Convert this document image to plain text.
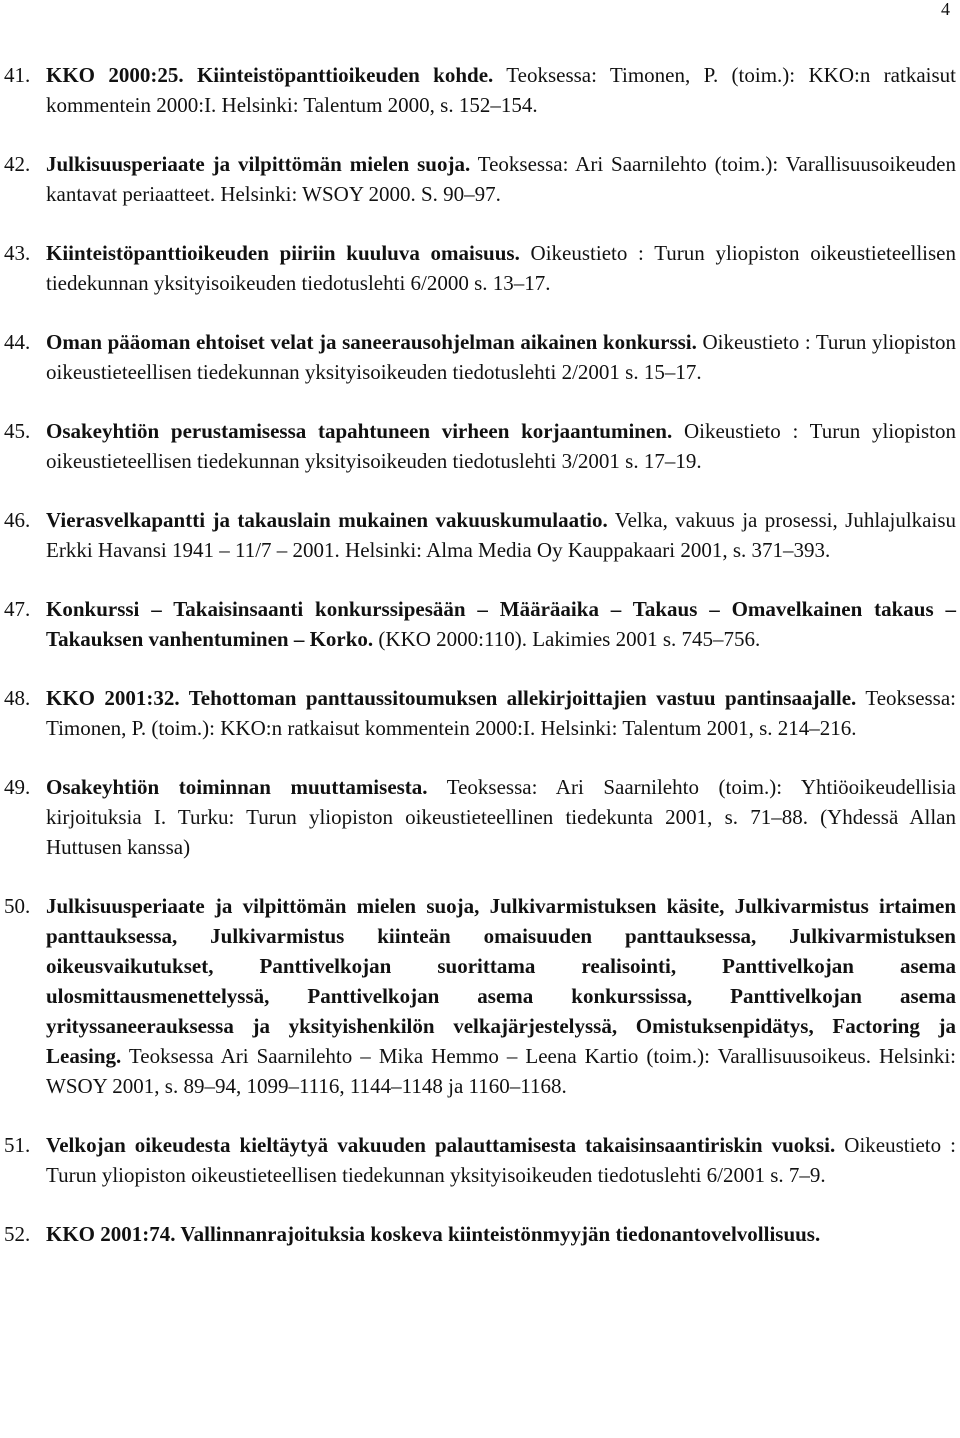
4
41. KKO 2000:25. Kiinteistöpanttioikeuden kohde. Teoksessa: Timonen, P. (toim.): KKO:n ratkaisut kommentein 2000:I. Helsinki: Talentum 2000, s. 152–154.
42. Julkisuusperiaate ja vilpittömän mielen suoja. Teoksessa: Ari Saarnilehto (toim.): Varallisuusoikeuden kantavat periaatteet. Helsinki: WSOY 2000. S. 90–97.
43. Kiinteistöpanttioikeuden piiriin kuuluva omaisuus. Oikeustieto : Turun yliopiston oikeustieteellisen tiedekunnan yksityisoikeuden tiedotuslehti 6/2000 s. 13–17.
44. Oman pääoman ehtoiset velat ja saneerausohjelman aikainen konkurssi. Oikeustieto : Turun yliopiston oikeustieteellisen tiedekunnan yksityisoikeuden tiedotuslehti 2/2001 s. 15–17.
45. Osakeyhtiön perustamisessa tapahtuneen virheen korjaantuminen. Oikeustieto : Turun yliopiston oikeustieteellisen tiedekunnan yksityisoikeuden tiedotuslehti 3/2001 s. 17–19.
46. Vierasvelkapantti ja takauslain mukainen vakuuskumulaatio. Velka, vakuus ja prosessi, Juhlajulkaisu Erkki Havansi 1941 – 11/7 – 2001. Helsinki: Alma Media Oy Kauppakaari 2001, s. 371–393.
47. Konkurssi – Takaisinsaanti konkurssipesään – Määräaika – Takaus – Omavelkainen takaus – Takauksen vanhentuminen – Korko. (KKO 2000:110). Lakimies 2001 s. 745–756.
48. KKO 2001:32. Tehottoman panttaussitoumuksen allekirjoittajien vastuu pantinsaajalle. Teoksessa: Timonen, P. (toim.): KKO:n ratkaisut kommentein 2000:I. Helsinki: Talentum 2001, s. 214–216.
49. Osakeyhtiön toiminnan muuttamisesta. Teoksessa: Ari Saarnilehto (toim.): Yhtiöoikeudellisia kirjoituksia I. Turku: Turun yliopiston oikeustieteellinen tiedekunta 2001, s. 71–88. (Yhdessä Allan Huttusen kanssa)
50. Julkisuusperiaate ja vilpittömän mielen suoja, Julkivarmistuksen käsite, Julkivarmistus irtaimen panttauksessa, Julkivarmistus kiinteän omaisuuden panttauksessa, Julkivarmistuksen oikeusvaikutukset, Panttivelkojan suorittama realisointi, Panttivelkojan asema ulosmittausmenettelyssä, Panttivelkojan asema konkurssissa, Panttivelkojan asema yrityssaneerauksessa ja yksityishenkilön velkajärjestelyssä, Omistuksenpidätys, Factoring ja Leasing. Teoksessa Ari Saarnilehto – Mika Hemmo – Leena Kartio (toim.): Varallisuusoikeus. Helsinki: WSOY 2001, s. 89–94, 1099–1116, 1144–1148 ja 1160–1168.
51. Velkojan oikeudesta kieltäytyä vakuuden palauttamisesta takaisinsaantiriskin vuoksi. Oikeustieto : Turun yliopiston oikeustieteellisen tiedekunnan yksityisoikeuden tiedotuslehti 6/2001 s. 7–9.
52. KKO 2001:74. Vallinnanrajoituksia koskeva kiinteistönmyyjän tiedonantovelvollisuus.
